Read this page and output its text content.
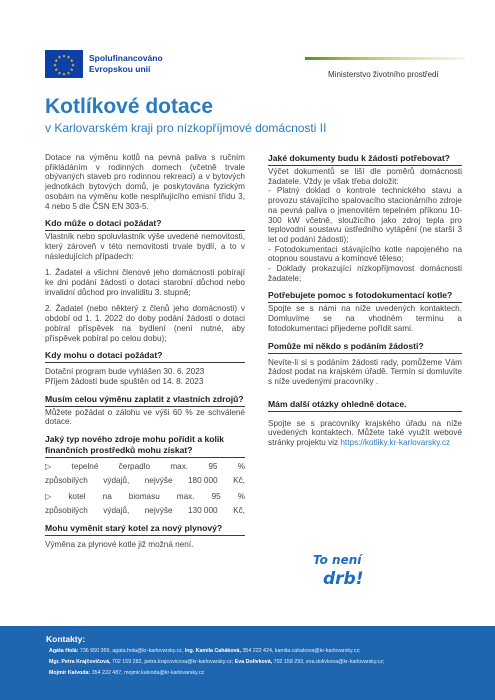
★ ★
★
★
★
★
★
★
★
★
★
★	Spolufinancováno
Evropskou unií
Ministerstvo životního prostředí
Kotlíkové dotace
v Karlovarském kraji pro nízkopříjmové domácnosti II

Dotace na výměnu kotlů na pevná paliva s ručním přikládáním v rodinných domech (včetně trvale obývaných staveb pro rodinnou rekreaci) a v bytových jednotkách bytových domů, je poskytována fyzickým osobám na výměnu kotle nesplňujícího emisní třídu 3, 4 nebo 5 dle ČSN EN 303-5.

Kdo může o dotaci požádat?

Vlastník nebo spoluvlastník výše uvedené nemovitosti, který zároveň v této nemovitosti trvale bydlí, a to v následujících případech:

1. Žadatel a všichni členové jeho domácnosti pobírají ke dni podání žádosti o dotaci starobní důchod nebo invalidní důchod pro invaliditu 3. stupně;

2. Žadatel (nebo některý z členů jeho domácnosti) v období od 1. 1. 2022 do doby podání žádosti o dotaci pobíral příspěvek na bydlení (není nutné, aby příspěvek pobíral po celou dobu);

Kdy mohu o dotaci požádat?

Dotační program bude vyhlášen 30. 6. 2023

Příjem žádostí bude spuštěn od 14. 8. 2023

Musím celou výměnu zaplatit z vlastních zdrojů?

Můžete požádat o zálohu ve výši 60 % ze schválené dotace.

Jaký typ nového zdroje mohu pořídit a kolik finančních prostředků mohu získat?
▷ tepelné čerpadlo max. 95 %
způsobilých výdajů, nejvýše 180 000 Kč,
▷ kotel na biomasu max. 95 %
způsobilých výdajů, nejvýše 130 000 Kč,
Mohu vyměnit starý kotel za nový plynový?

Výměna za plynové kotle již možná není.

Jaké dokumenty budu k žádosti potřebovat?

Výčet dokumentů se liší dle poměrů domácnosti žadatele. Vždy je však třeba doložit:

- Platný doklad o kontrole technického stavu a provozu stávajícího spalovacího stacionárního zdroje na pevná paliva o jmenovitém tepelném příkonu 10-300 kW včetně, sloužícího jako zdroj tepla pro teplovodní soustavu ústředního vytápění (ne starší 3 let od podání žádosti);

- Fotodokumentaci stávajícího kotle napojeného na otopnou soustavu a komínové těleso;

- Doklady prokazující nízkopříjmovost domácnosti žadatele;

Potřebujete pomoc s fotodokumentací kotle?

Spojte se s námi na níže uvedených kontaktech. Domluvíme se na vhodném termínu a fotodokumentaci přijedeme pořídit sami.

Pomůže mi někdo s podáním žádosti?

Nevíte-li si s podáním žádosti rady, pomůžeme Vám žádost podat na krajském úřadě. Termín si domluvíte s níže uvedenými pracovníky .

Mám další otázky ohledně dotace.

Spojte se s pracovníky krajského úřadu na níže uvedených kontaktech. Můžete také využít webové stránky projektu viz https://kotliky.kr-karlovarsky.cz

To není
drb!
Kontakty:
Agáta Holá: 736 650 369, agata.hola@kr-karlovarsky.cz, Ing. Kamila Caháková, 354 222 424, kamila.cahakova@kr-karlovarsky.cz;
Mgr. Petra Krajčovičová, 702 159 282, petra.krajcovicova@kr-karlovarsky.cz; Eva Dolívková, 702 158 293, eva.dolivkova@kr-karlovarsky.cz;
Mojmír Kalvoda: 354 222 487, mojmir.kalvoda@kr-karlovarsky.cz
